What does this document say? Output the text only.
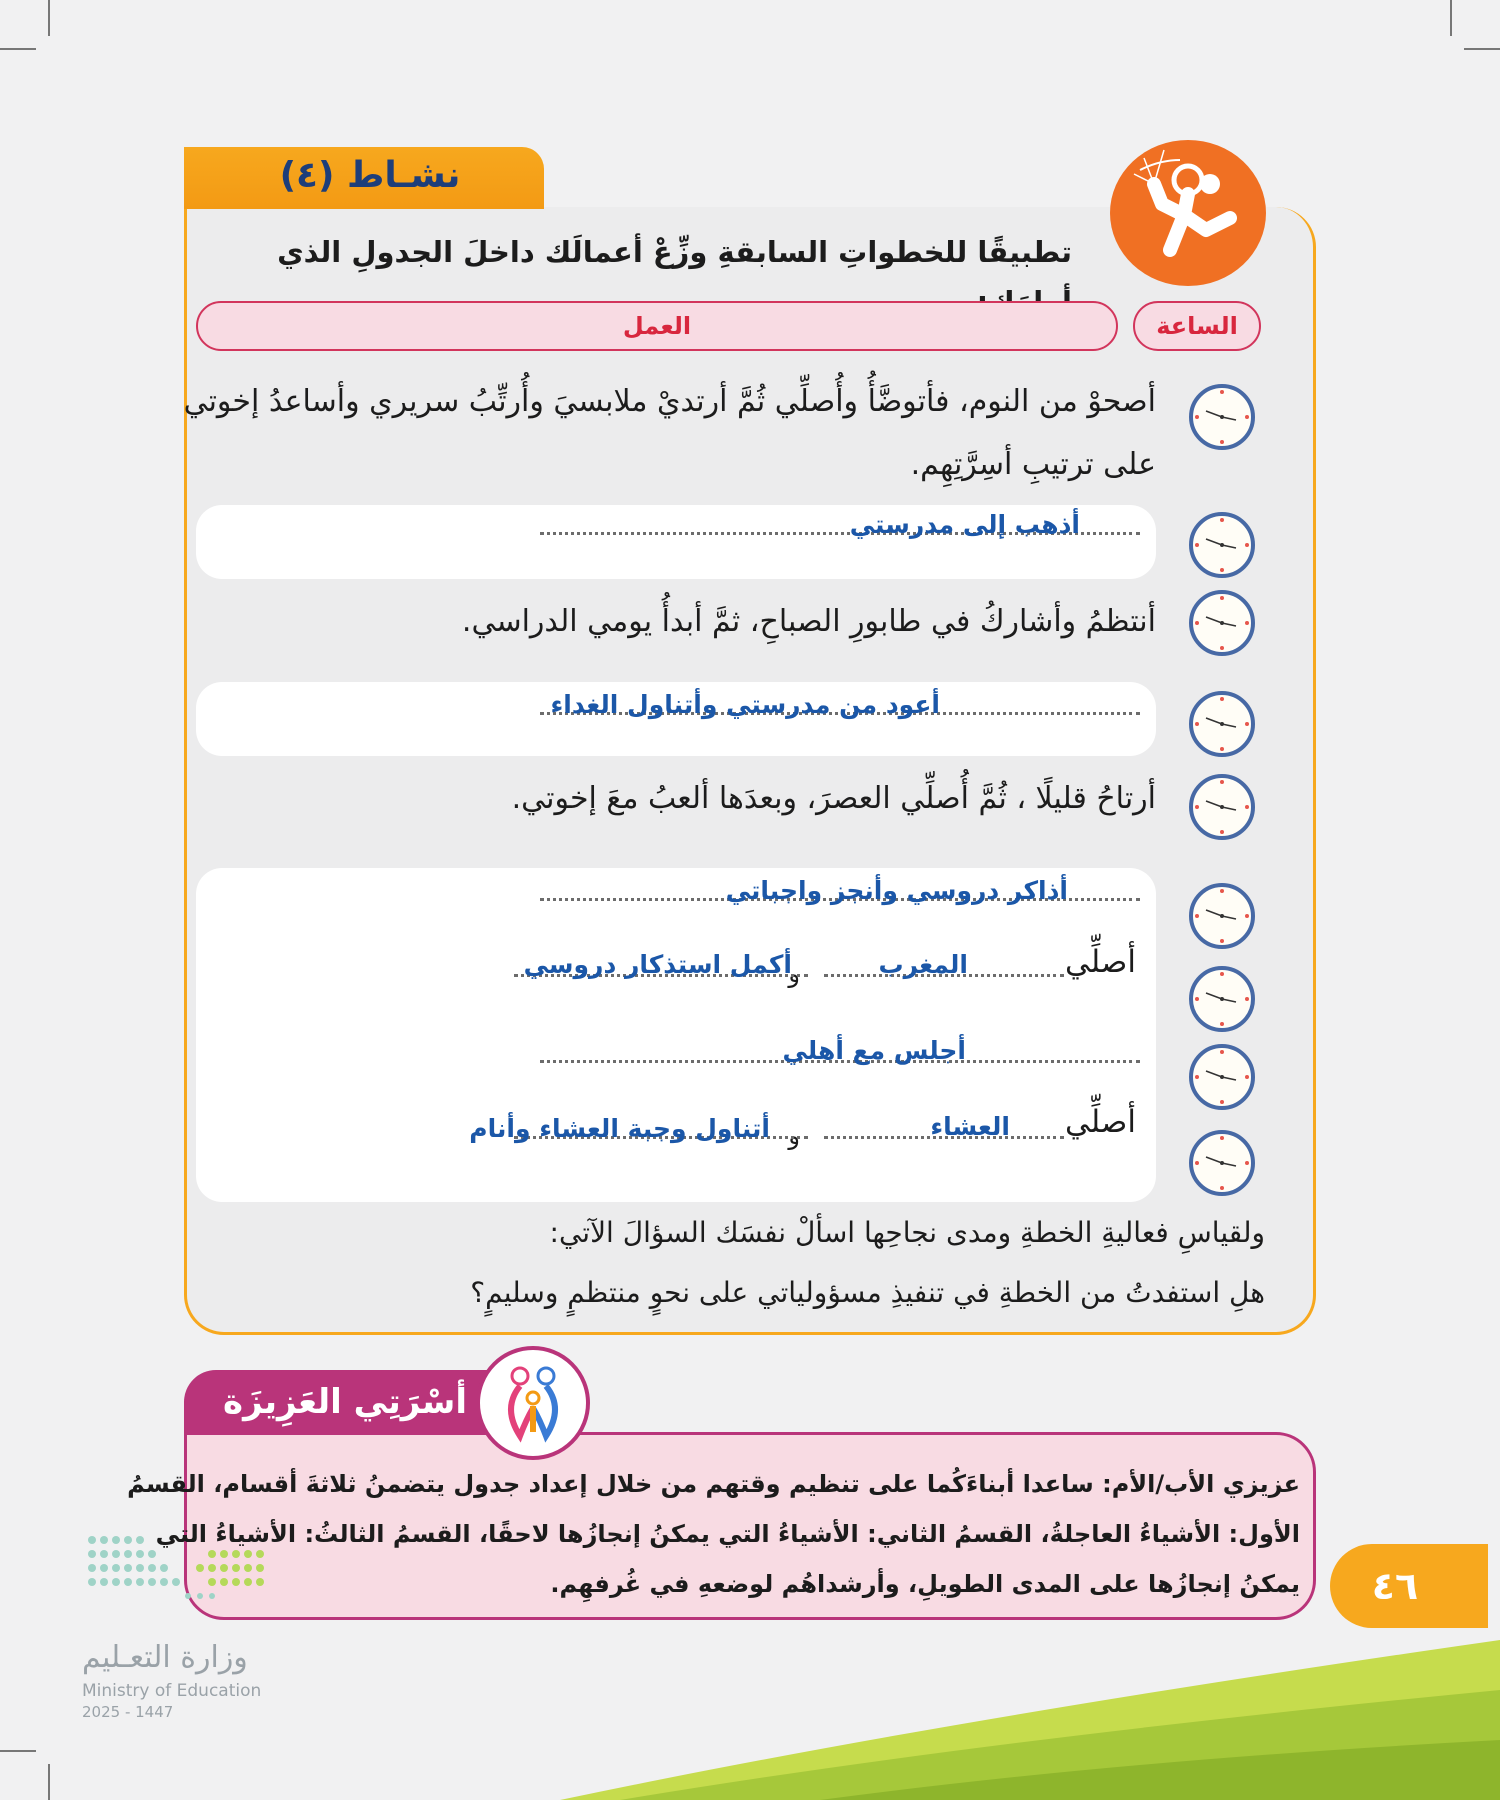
نشـاط (٤)
تطبيقًا للخطواتِ السابقةِ وزِّعْ أعمالَك داخلَ الجدولِ الذي
الساعة
العمل
أصحوْ من النوم، فأتوضَّأُ وأُصلِّي ثُمَّ أرتديْ ملابسيَ وأُرتِّبُ سريري وأساعدُ إخوتي
على ترتيبِ أسِرَّتِهِم.
أذهب إلى مدرستي
أنتظمُ وأشاركُ في طابورِ الصباحِ، ثمَّ أبدأُ يومي الدراسي.
أعود من مدرستي وأتناول الغداء
أرتاحُ قليلًا ، ثُمَّ أُصلِّي العصرَ، وبعدَها ألعبُ معَ إخوتي.
أذاكر دروسي وأنجز واجباتي
أصلِّي
المغرب
و
أكمل استذكار دروسي
أجلس مع أهلي
أصلِّي
العشاء
و
أتناول وجبة العشاء وأنام
ولقياسِ فعاليةِ الخطةِ ومدى نجاحِها اسألْ نفسَك السؤالَ الآتي:
هلِ استفدتُ من الخطةِ في تنفيذِ مسؤولياتي على نحوٍ منتظمٍ وسليمٍ؟
أسْرَتِي العَزِيزَة
عزيزي الأب/الأم: ساعدا أبناءَكُما على تنظيم وقتهم من خلال إعداد جدول يتضمنُ ثلاثةَ أقسام، القسمُ
الأول: الأشياءُ العاجلةُ، القسمُ الثاني: الأشياءُ التي يمكنُ إنجازُها لاحقًا، القسمُ الثالثُ: الأشياءُ التي
يمكنُ إنجازُها على المدى الطويلِ، وأرشداهُم لوضعهِ في غُرفهِم.	٤٦
وزارة التعـليم
Ministry of Education
2025 - 1447
